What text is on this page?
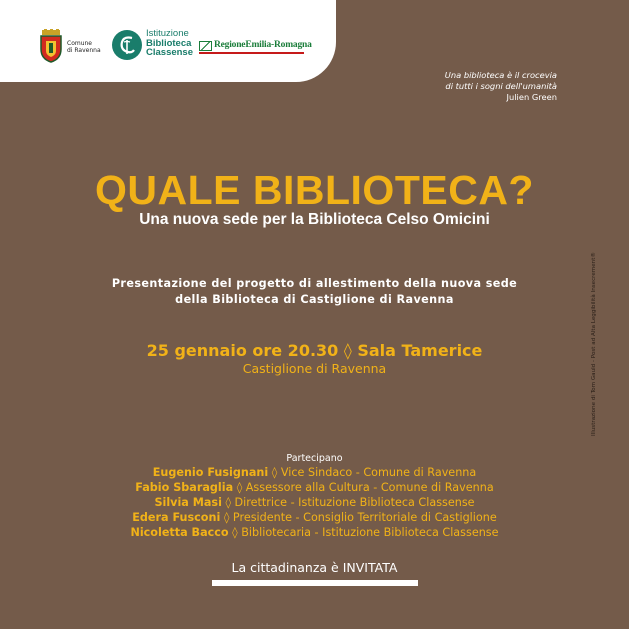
Comune
di Ravenna
Istituzione
Biblioteca
Classense
RegioneEmilia-Romagna
Una biblioteca è il crocevia
di tutti i sogni dell'umanità
Julien Green
QUALE BIBLIOTECA?
Una nuova sede per la Biblioteca Celso Omicini
Presentazione del progetto di allestimento della nuova sede
della Biblioteca di Castiglione di Ravenna
25 gennaio ore 20.30 ◊ Sala Tamerice
Castiglione di Ravenna
Partecipano
Eugenio Fusignani ◊ Vice Sindaco - Comune di Ravenna
Fabio Sbaraglia ◊ Assessore alla Cultura - Comune di Ravenna
Silvia Masi ◊ Direttrice - Istituzione Biblioteca Classense
Edera Fusconi ◊ Presidente - Consiglio Territoriale di Castiglione
Nicoletta Bacco ◊ Bibliotecaria - Istituzione Biblioteca Classense
La cittadinanza è INVITATA
Illustrazione di Tom Gauld - Post ad Alta Leggibilità Insecrement®
